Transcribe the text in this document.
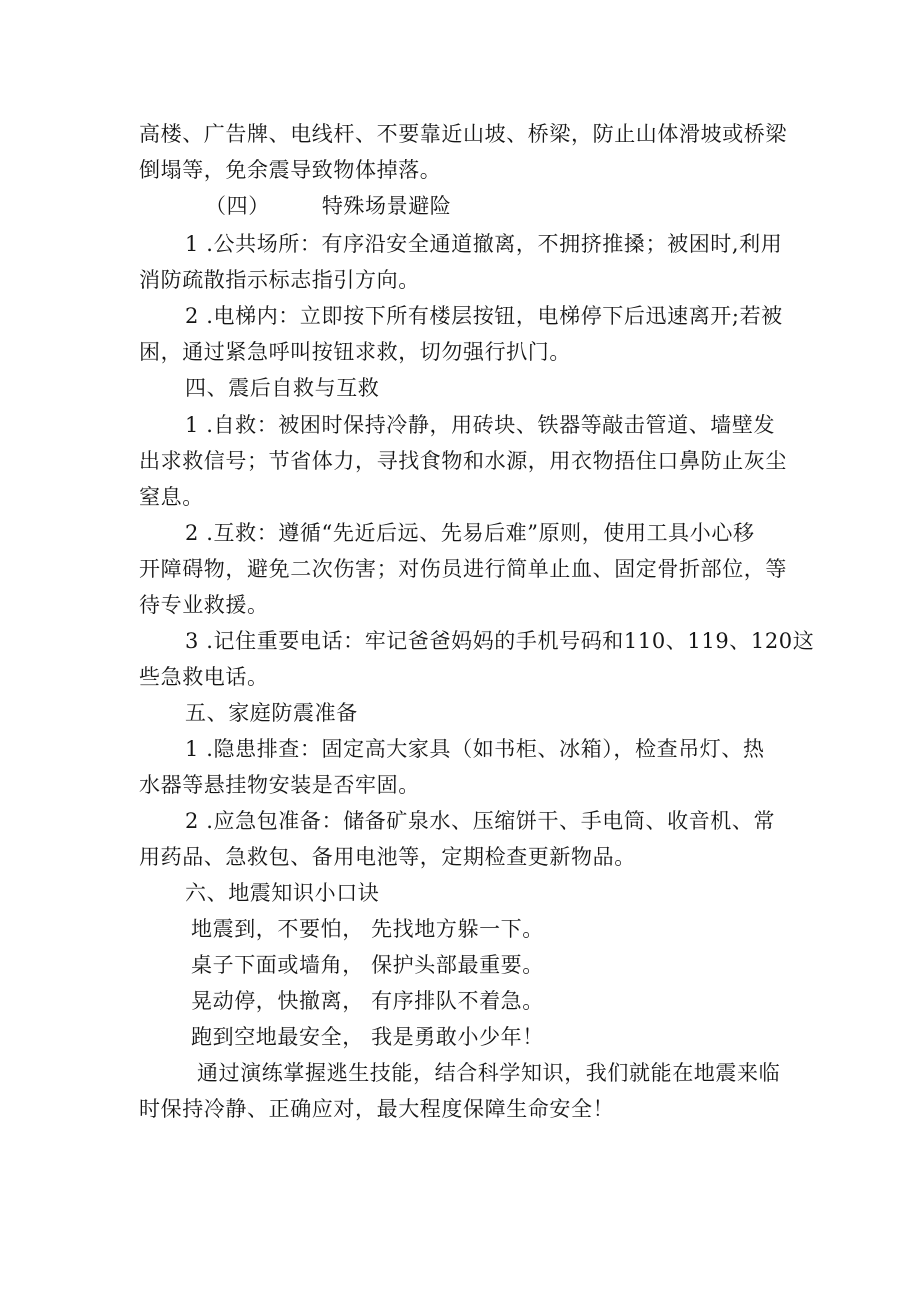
高楼、广告牌、电线杆、不要靠近山坡、桥梁，防止山体滑坡或桥梁
倒塌等，免余震导致物体掉落。
（四） 特殊场景避险
1 .公共场所：有序沿安全通道撤离，不拥挤推搡；被困时,利用
消防疏散指示标志指引方向。
2 .电梯内：立即按下所有楼层按钮，电梯停下后迅速离开;若被
困，通过紧急呼叫按钮求救，切勿强行扒门。
四、震后自救与互救
1 .自救：被困时保持冷静，用砖块、铁器等敲击管道、墙壁发
出求救信号；节省体力，寻找食物和水源，用衣物捂住口鼻防止灰尘
窒息。
2 .互救：遵循“先近后远、先易后难”原则，使用工具小心移
开障碍物，避免二次伤害；对伤员进行简单止血、固定骨折部位，等
待专业救援。
3 .记住重要电话：牢记爸爸妈妈的手机号码和110、119、120这
些急救电话。
五、家庭防震准备
1 .隐患排查：固定高大家具（如书柜、冰箱），检查吊灯、热
水器等悬挂物安装是否牢固。
2 .应急包准备：储备矿泉水、压缩饼干、手电筒、收音机、常
用药品、急救包、备用电池等，定期检查更新物品。
六、地震知识小口诀
地震到，不要怕， 先找地方躲一下。
桌子下面或墙角， 保护头部最重要。
晃动停，快撤离， 有序排队不着急。
跑到空地最安全， 我是勇敢小少年！
通过演练掌握逃生技能，结合科学知识，我们就能在地震来临
时保持冷静、正确应对，最大程度保障生命安全！
